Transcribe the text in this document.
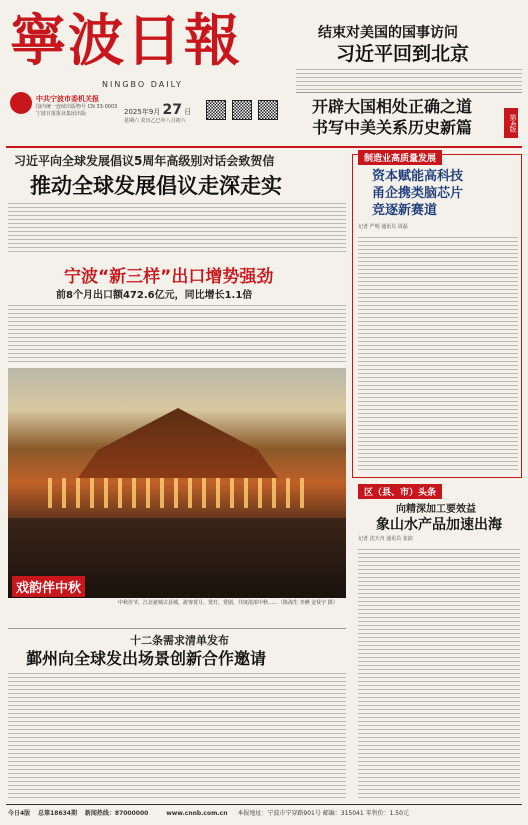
寧波日報
NINGBO DAILY
中共宁波市委机关报
国内统一连续出版物号 CN 33-0003
宁波日报报业集团出版	2025年9月 27 日
星期六 农历乙巳年八月初六
结束对美国的国事访问
习近平回到北京
开辟大国相处正确之道
书写中美关系历史新篇	第4版
习近平向全球发展倡议5周年高级别对话会致贺信
推动全球发展倡议走深走实
宁波“新三样”出口增势强劲
前8个月出口额472.6亿元，同比增长1.1倍
戏韵伴中秋
中秋佳节，江北慈城古县城，游客赏月、赏灯、赏剧，共度浓浓中秋……（陈海生 李嬿 金贤宇 摄）
十二条需求清单发布
鄞州向全球发出场景创新合作邀请
制造业高质量发展
资本赋能高科技
甬企携类脑芯片
竞逐新赛道
记者 严明 通讯员 周磊
区（县、市）头条
向精深加工要效益
象山水产品加速出海
记者 沈天舟 通讯员 张韵
今日4版 总第18634期 新闻热线：87000000	www.cnnb.com.cn 本报地址：宁波市宁穿路901号 邮编：315041 零售价：1.50元
